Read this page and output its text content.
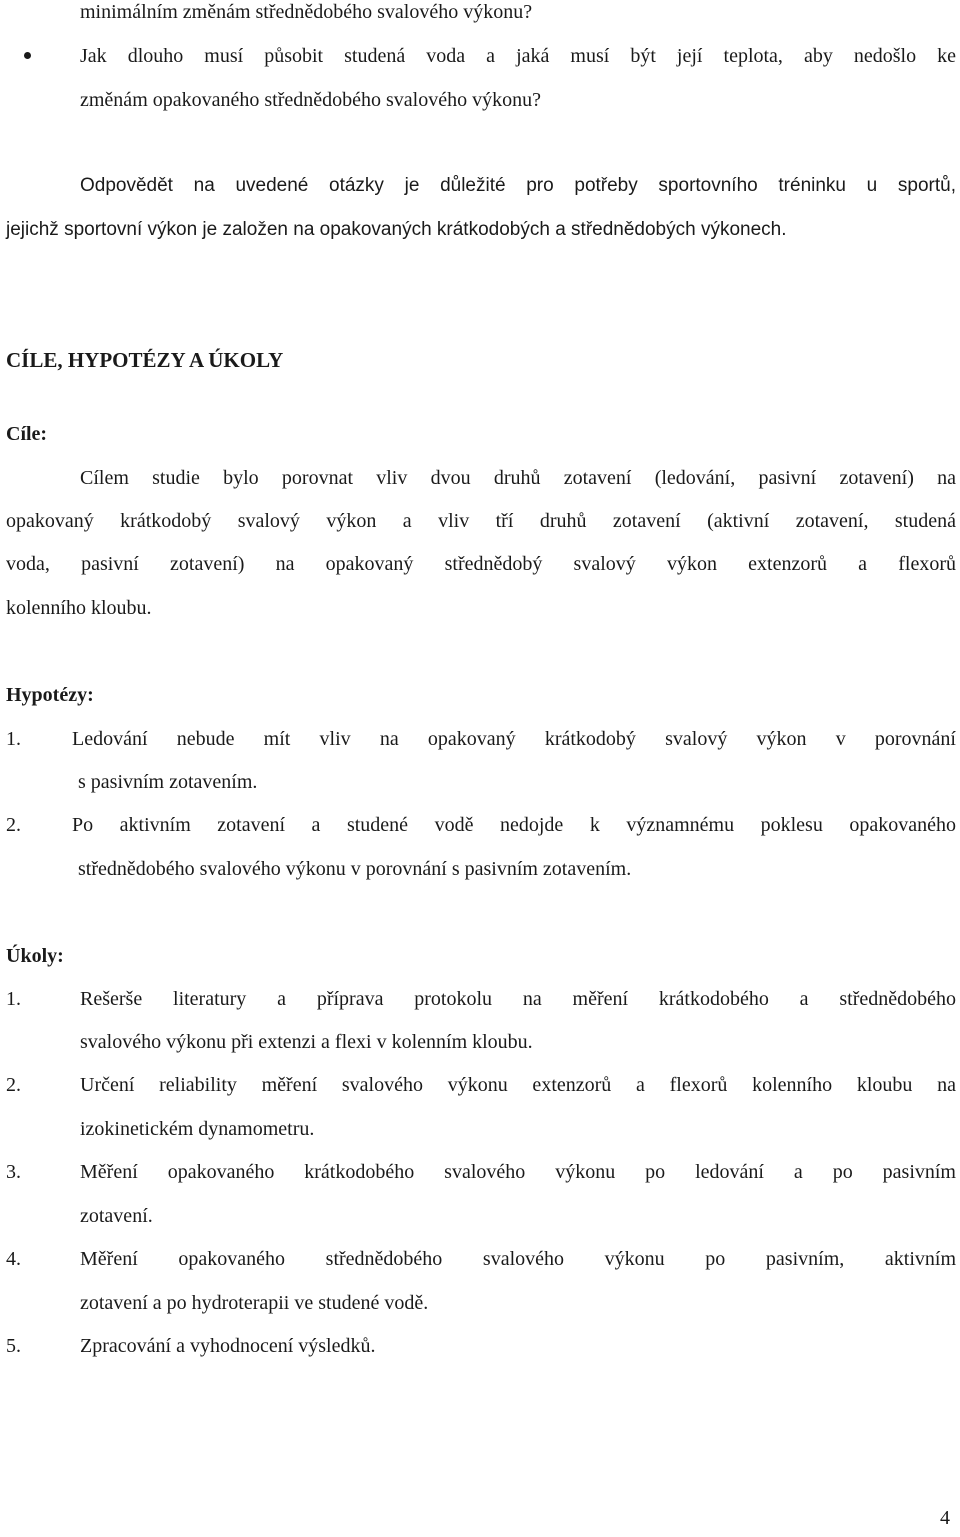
minimálním změnám střednědobého svalového výkonu?
Jak dlouho musí působit studená voda a jaká musí být její teplota, aby nedošlo ke
změnám opakovaného střednědobého svalového výkonu?
Odpovědět na uvedené otázky je důležité pro potřeby sportovního tréninku u sportů,
jejichž sportovní výkon je založen na opakovaných krátkodobých a střednědobých výkonech.
CÍLE, HYPOTÉZY A ÚKOLY
Cíle:
Cílem studie bylo porovnat vliv dvou druhů zotavení (ledování, pasivní zotavení) na
opakovaný krátkodobý svalový výkon a vliv tří druhů zotavení (aktivní zotavení, studená
voda, pasivní zotavení) na opakovaný střednědobý svalový výkon extenzorů a flexorů
kolenního kloubu.
Hypotézy:
1.	Ledování nebude mít vliv na opakovaný krátkodobý svalový výkon v porovnání
s pasivním zotavením.
2.	Po aktivním zotavení a studené vodě nedojde k významnému poklesu opakovaného
střednědobého svalového výkonu v porovnání s pasivním zotavením.
Úkoly:
1.	Rešerše literatury a příprava protokolu na měření krátkodobého a střednědobého
svalového výkonu při extenzi a flexi v kolenním kloubu.
2.	Určení reliability měření svalového výkonu extenzorů a flexorů kolenního kloubu na
izokinetickém dynamometru.
3.	Měření opakovaného krátkodobého svalového výkonu po ledování a po pasivním
zotavení.
4.	Měření opakovaného střednědobého svalového výkonu po pasivním, aktivním
zotavení a po hydroterapii ve studené vodě.
5.	Zpracování a vyhodnocení výsledků.
4
